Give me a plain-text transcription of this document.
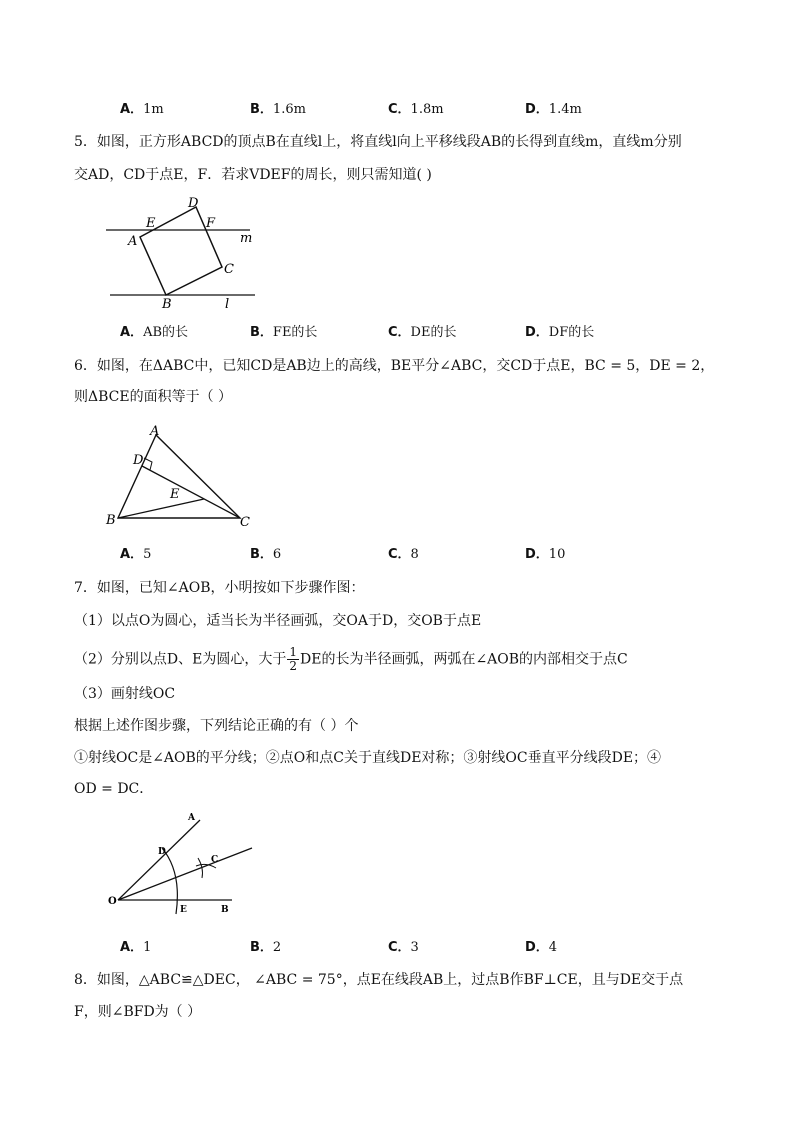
A．1m	B．1.6m	C．1.8m	D．1.4m
5．如图，正方形ABCD的顶点B在直线l上，将直线l向上平移线段AB的长得到直线m，直线m分别
交AD，CD于点E，F．若求VDEF的周长，则只需知道( )
A
D
E	F
C
B
m
l
A．AB的长	B．FE的长	C．DE的长	D．DF的长
6．如图，在ΔABC中，已知CD是AB边上的高线，BE平分∠ABC，交CD于点E，BC = 5，DE = 2，
则ΔBCE的面积等于（ ）
A
D
E
B	C
A．5	B．6	C．8	D．10
7．如图，已知∠AOB，小明按如下步骤作图：
（1）以点O为圆心，适当长为半径画弧，交OA于D，交OB于点E
（2）分别以点D、E为圆心，大于 $\frac{1}{2}$ DE的长为半径画弧，两弧在∠AOB的内部相交于点C
（3）画射线OC
根据上述作图步骤，下列结论正确的有（ ）个
①射线OC是∠AOB的平分线；②点O和点C关于直线DE对称；③射线OC垂直平分线段DE；④
OD = DC．
O
A
D
C
E	B
A．1	B．2	C．3	D．4
8．如图，△ABC≌△DEC， ∠ABC = 75°，点E在线段AB上，过点B作BF⊥CE，且与DE交于点
F，则∠BFD为（ ）
